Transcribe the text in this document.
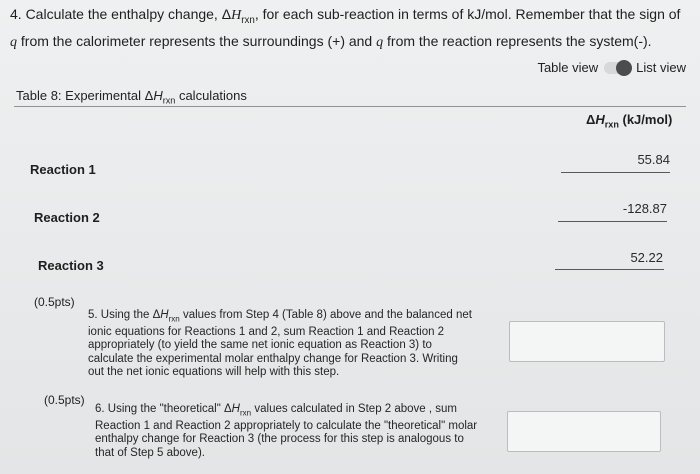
4. Calculate the enthalpy change, $\Delta H_{rxn}$, for each sub-reaction in terms of kJ/mol. Remember that the sign of q from the calorimeter represents the surroundings (+) and q from the reaction represents the system(-).
Table view	List view
Table 8: Experimental $\Delta H_{rxn}$ calculations
$\Delta H_{rxn}$ (kJ/mol)
Reaction 1
55.84
Reaction 2
-128.87
Reaction 3
52.22
(0.5pts)
5. Using the $\Delta H_{rxn}$ values from Step 4 (Table 8) above and the balanced net
ionic equations for Reactions 1 and 2, sum Reaction 1 and Reaction 2
appropriately (to yield the same net ionic equation as Reaction 3) to
calculate the experimental molar enthalpy change for Reaction 3. Writing
out the net ionic equations will help with this step.
(0.5pts)
6. Using the "theoretical" $\Delta H_{rxn}$ values calculated in Step 2 above , sum
Reaction 1 and Reaction 2 appropriately to calculate the "theoretical" molar
enthalpy change for Reaction 3 (the process for this step is analogous to
that of Step 5 above).
